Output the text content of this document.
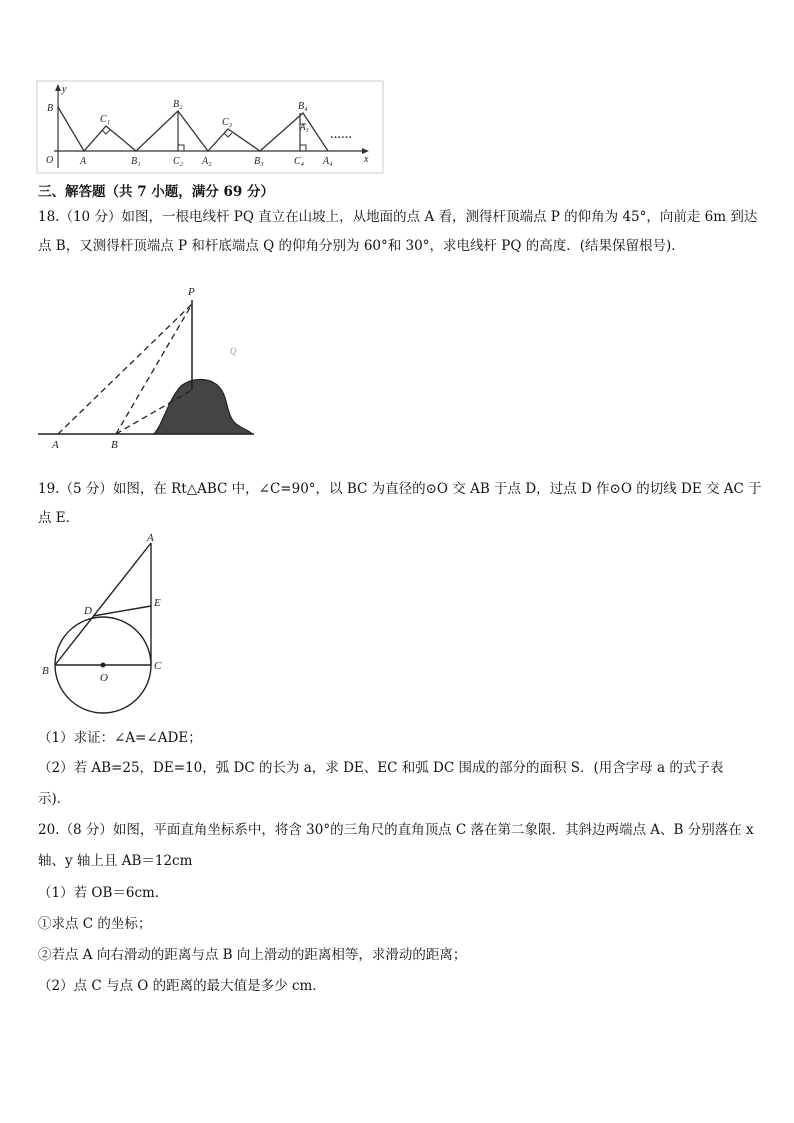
y
x
O
B
A
C₁
B₁
B₂
C₂ A₂
C₃
B₃
B₄
A₃
C₄ A₄
……
三、解答题（共 7 小题，满分 69 分）
18.（10 分）如图，一根电线杆 PQ 直立在山坡上，从地面的点 A 看，测得杆顶端点 P 的仰角为 45°，向前走 6m 到达
点 B，又测得杆顶端点 P 和杆底端点 Q 的仰角分别为 60°和 30°，求电线杆 PQ 的高度．(结果保留根号)．
P
Q
A	B
19.（5 分）如图，在 Rt△ABC 中，∠C=90°，以 BC 为直径的⊙O 交 AB 于点 D，过点 D 作⊙O 的切线 DE 交 AC 于
点 E．
A
D
E
B
O
C
（1）求证：∠A=∠ADE；
（2）若 AB=25，DE=10，弧 DC 的长为 a，求 DE、EC 和弧 DC 围成的部分的面积 S．(用含字母 a 的式子表
示)．
20.（8 分）如图，平面直角坐标系中，将含 30°的三角尺的直角顶点 C 落在第二象限．其斜边两端点 A、B 分别落在 x
轴、y 轴上且 AB＝12cm
（1）若 OB＝6cm．
①求点 C 的坐标；
②若点 A 向右滑动的距离与点 B 向上滑动的距离相等，求滑动的距离；
（2）点 C 与点 O 的距离的最大值是多少 cm．
